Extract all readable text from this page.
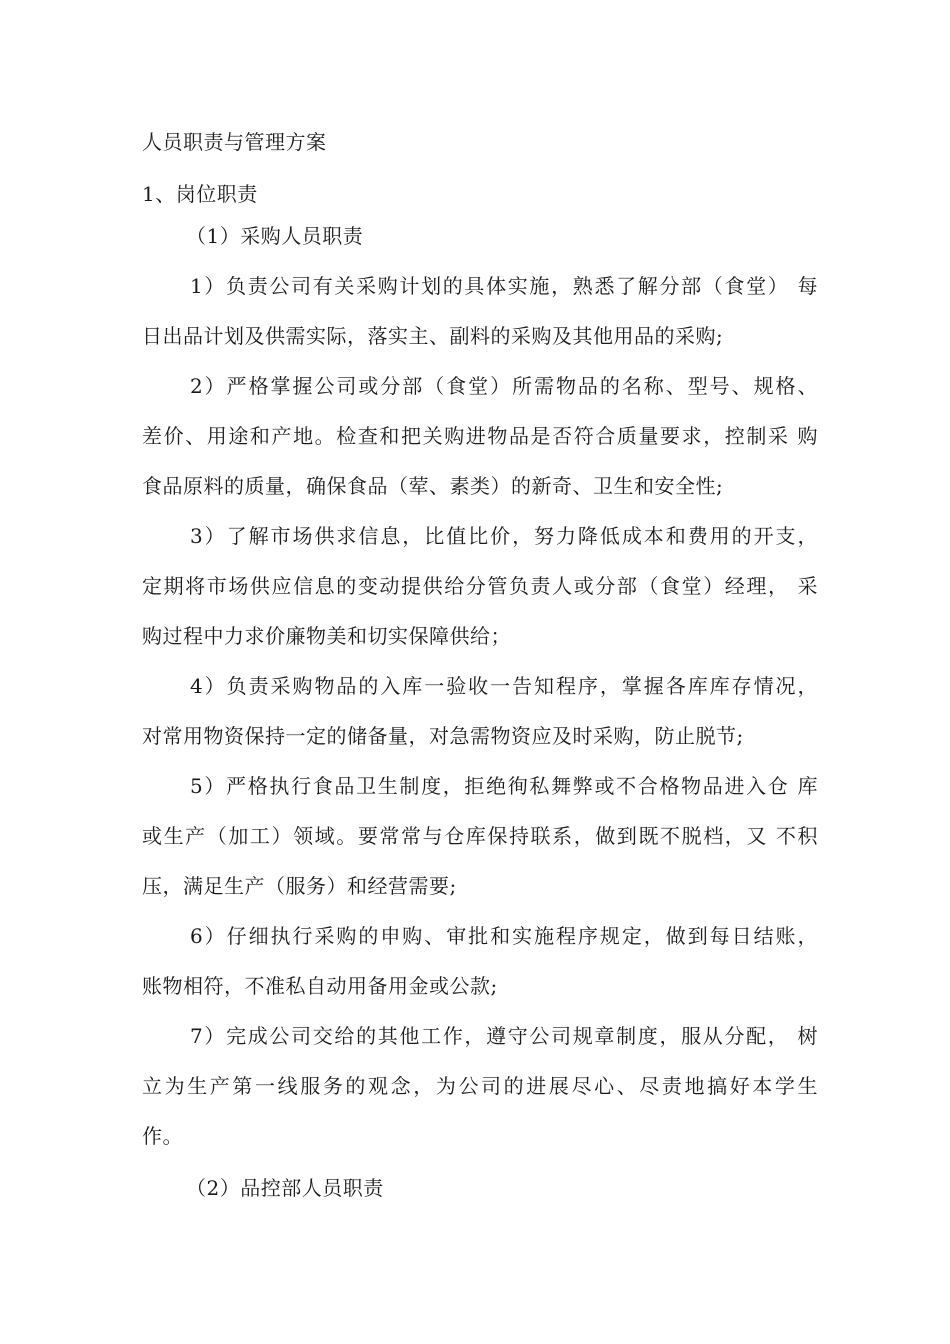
人员职责与管理方案
1、岗位职责
（1）采购人员职责
1）负责公司有关采购计划的具体实施，熟悉了解分部（食堂） 每
日出品计划及供需实际，落实主、副料的采购及其他用品的采购;
2）严格掌握公司或分部（食堂）所需物品的名称、型号、规格、
差价、用途和产地。检查和把关购进物品是否符合质量要求，控制采 购
食品原料的质量，确保食品（荤、素类）的新奇、卫生和安全性;
3）了解市场供求信息，比值比价，努力降低成本和费用的开支，
定期将市场供应信息的变动提供给分管负责人或分部（食堂）经理， 采
购过程中力求价廉物美和切实保障供给；
4）负责采购物品的入库一验收一告知程序，掌握各库库存情况，
对常用物资保持一定的储备量，对急需物资应及时采购，防止脱节;
5）严格执行食品卫生制度，拒绝徇私舞弊或不合格物品进入仓 库
或生产（加工）领域。要常常与仓库保持联系，做到既不脱档，又 不积
压，满足生产（服务）和经营需要;
6）仔细执行采购的申购、审批和实施程序规定，做到每日结账，
账物相符，不准私自动用备用金或公款;
7）完成公司交给的其他工作，遵守公司规章制度，服从分配， 树
立为生产第一线服务的观念，为公司的进展尽心、尽责地搞好本学生
作。
（2）品控部人员职责
